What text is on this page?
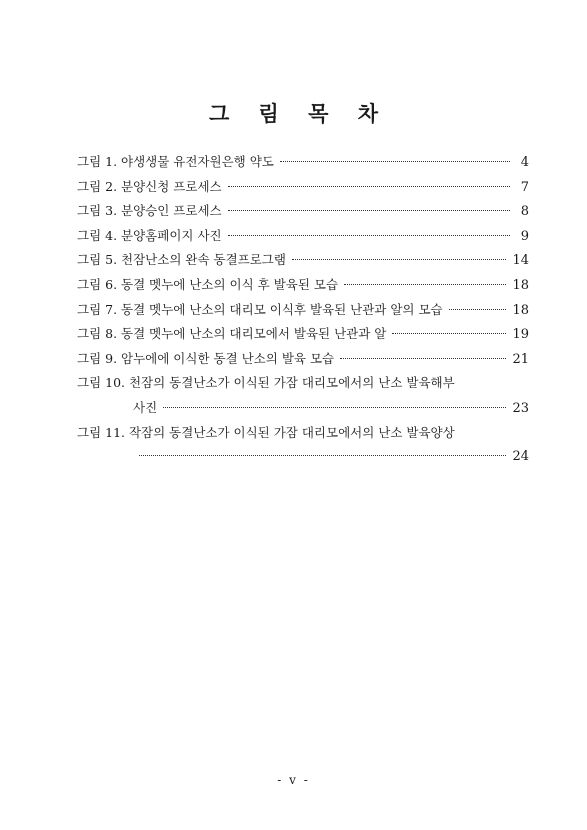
그 림 목 차
그림 1. 야생생물 유전자원은행 약도	4
그림 2. 분양신청 프로세스	7
그림 3. 분양승인 프로세스	8
그림 4. 분양홈페이지 사진	9
그림 5. 천잠난소의 완속 동결프로그램	14
그림 6. 동결 멧누에 난소의 이식 후 발육된 모습	18
그림 7. 동결 멧누에 난소의 대리모 이식후 발육된 난관과 알의 모습	18
그림 8. 동결 멧누에 난소의 대리모에서 발육된 난관과 알	19
그림 9. 암누에에 이식한 동결 난소의 발육 모습	21
그림 10. 천잠의 동결난소가 이식된 가잠 대리모에서의 난소 발육해부
사진	23
그림 11. 작잠의 동결난소가 이식된 가잠 대리모에서의 난소 발육양상
24
- v -
